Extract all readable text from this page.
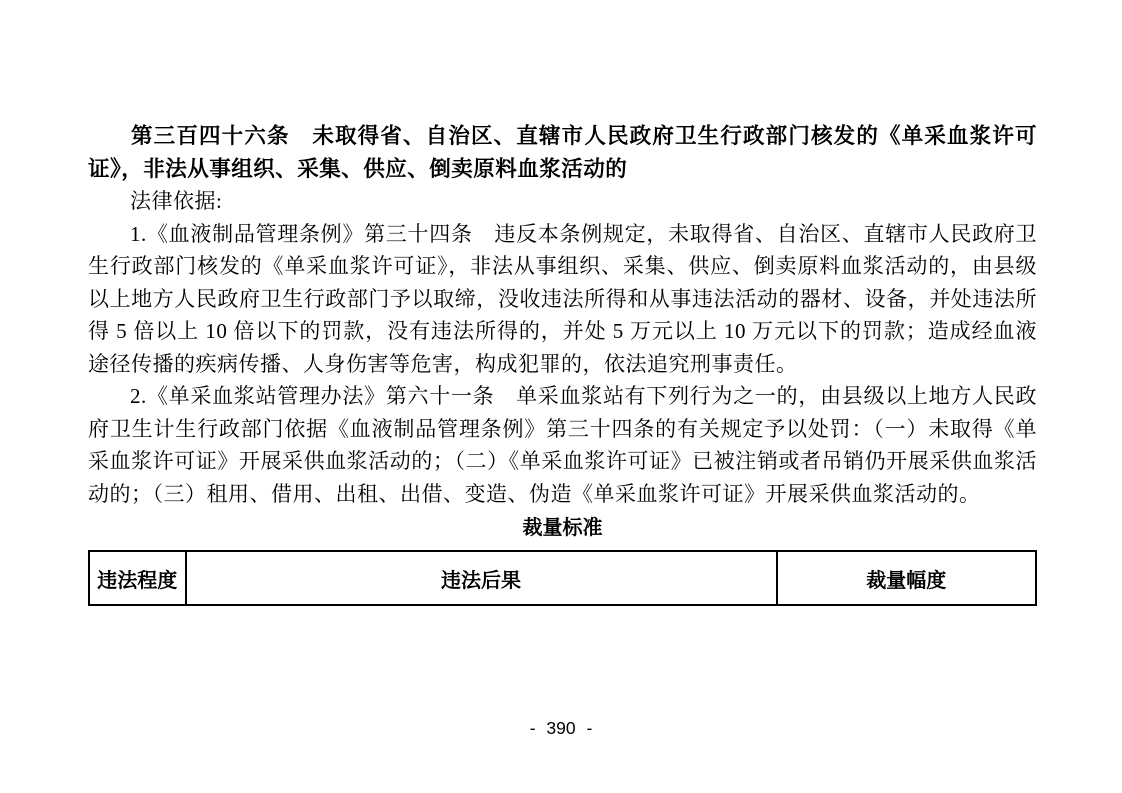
第三百四十六条　未取得省、自治区、直辖市人民政府卫生行政部门核发的《单采血浆许可证》，非法从事组织、采集、供应、倒卖原料血浆活动的

法律依据:

1.《血液制品管理条例》第三十四条　违反本条例规定，未取得省、自治区、直辖市人民政府卫生行政部门核发的《单采血浆许可证》，非法从事组织、采集、供应、倒卖原料血浆活动的，由县级以上地方人民政府卫生行政部门予以取缔，没收违法所得和从事违法活动的器材、设备，并处违法所得 5 倍以上 10 倍以下的罚款，没有违法所得的，并处 5 万元以上 10 万元以下的罚款；造成经血液途径传播的疾病传播、人身伤害等危害，构成犯罪的，依法追究刑事责任。

2.《单采血浆站管理办法》第六十一条　单采血浆站有下列行为之一的，由县级以上地方人民政府卫生计生行政部门依据《血液制品管理条例》第三十四条的有关规定予以处罚：（一）未取得《单采血浆许可证》开展采供血浆活动的；（二）《单采血浆许可证》已被注销或者吊销仍开展采供血浆活动的；（三）租用、借用、出租、出借、变造、伪造《单采血浆许可证》开展采供血浆活动的。

裁量标准
违法程度	违法后果	裁量幅度
- 390 -
